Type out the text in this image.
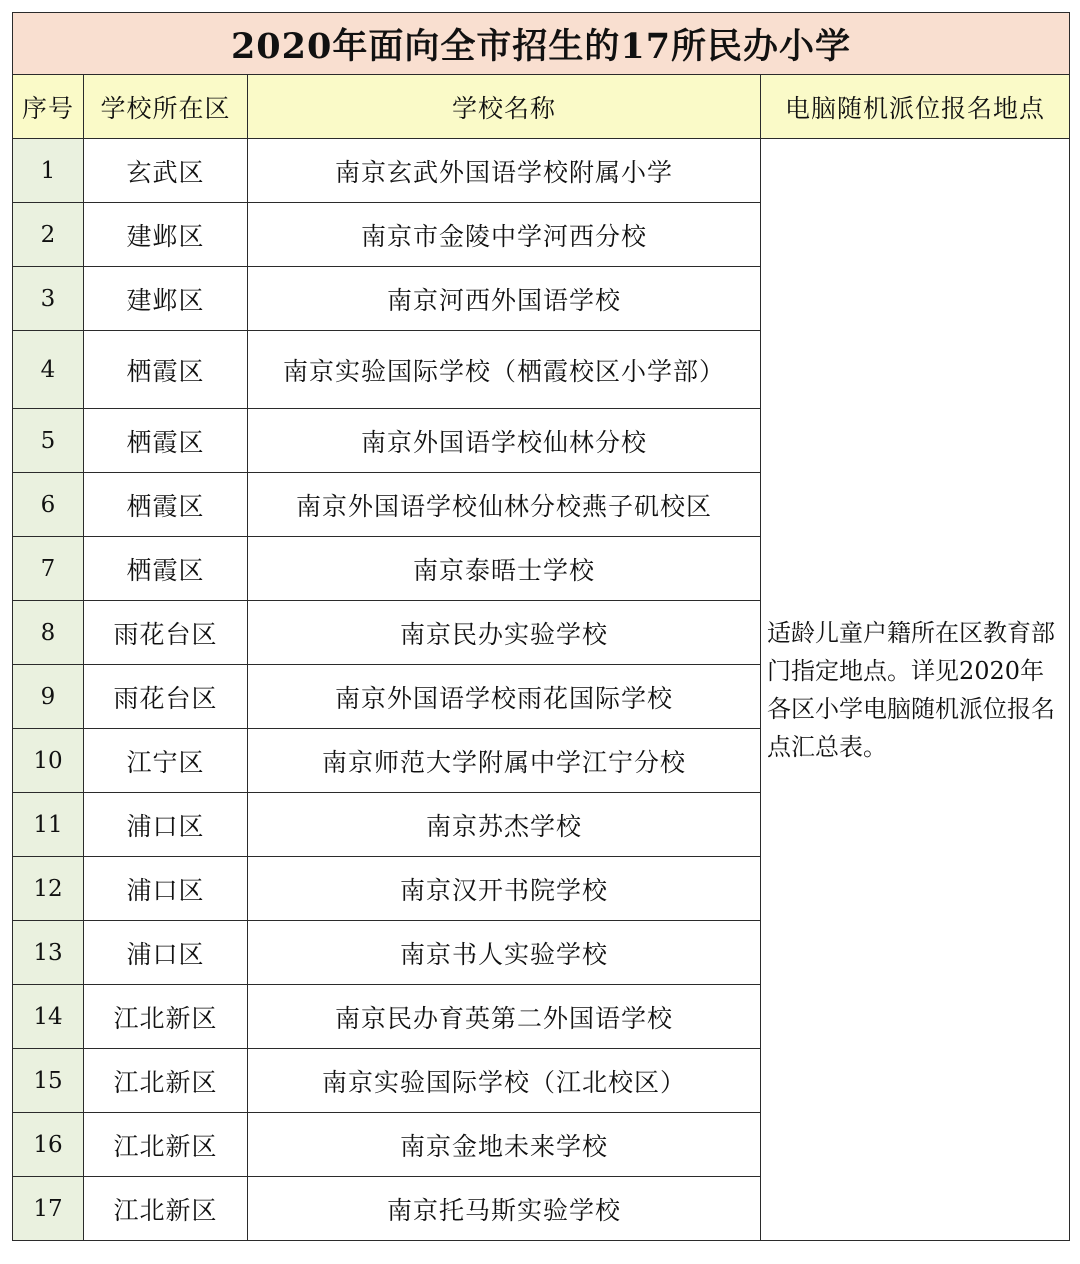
2020年面向全市招生的17所民办小学			
序号	学校所在区	学校名称	电脑随机派位报名地点
1	玄武区	南京玄武外国语学校附属小学	适龄儿童户籍所在区教育部门指定地点。详见2020年各区小学电脑随机派位报名点汇总表。
2	建邺区	南京市金陵中学河西分校	
3	建邺区	南京河西外国语学校	
4	栖霞区	南京实验国际学校（栖霞校区小学部）	
5	栖霞区	南京外国语学校仙林分校	
6	栖霞区	南京外国语学校仙林分校燕子矶校区	
7	栖霞区	南京泰晤士学校	
8	雨花台区	南京民办实验学校	
9	雨花台区	南京外国语学校雨花国际学校	
10	江宁区	南京师范大学附属中学江宁分校	
11	浦口区	南京苏杰学校	
12	浦口区	南京汉开书院学校	
13	浦口区	南京书人实验学校	
14	江北新区	南京民办育英第二外国语学校	
15	江北新区	南京实验国际学校（江北校区）	
16	江北新区	南京金地未来学校	
17	江北新区	南京托马斯实验学校	
